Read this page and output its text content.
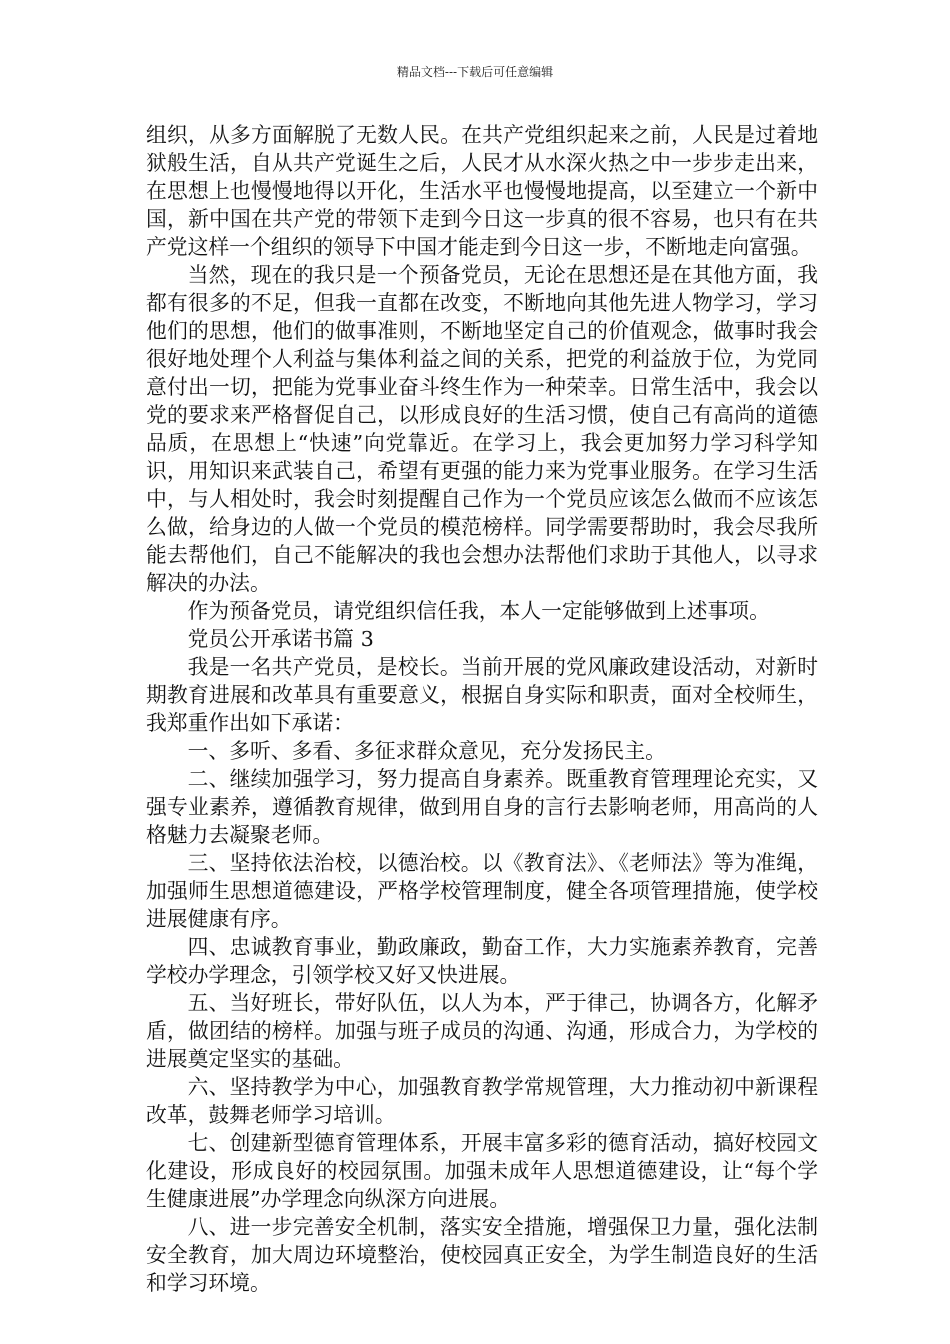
精品文档---下载后可任意编辑

组织，从多方面解脱了无数人民。在共产党组织起来之前，人民是过着地狱般生活，自从共产党诞生之后，人民才从水深火热之中一步步走出来，在思想上也慢慢地得以开化，生活水平也慢慢地提高，以至建立一个新中国，新中国在共产党的带领下走到今日这一步真的很不容易，也只有在共产党这样一个组织的领导下中国才能走到今日这一步，不断地走向富强。

当然，现在的我只是一个预备党员，无论在思想还是在其他方面，我都有很多的不足，但我一直都在改变，不断地向其他先进人物学习，学习他们的思想，他们的做事准则，不断地坚定自己的价值观念，做事时我会很好地处理个人利益与集体利益之间的关系，把党的利益放于位，为党同意付出一切，把能为党事业奋斗终生作为一种荣幸。日常生活中，我会以党的要求来严格督促自己，以形成良好的生活习惯，使自己有高尚的道德品质，在思想上“快速”向党靠近。在学习上，我会更加努力学习科学知识，用知识来武装自己，希望有更强的能力来为党事业服务。在学习生活中，与人相处时，我会时刻提醒自己作为一个党员应该怎么做而不应该怎么做，给身边的人做一个党员的模范榜样。同学需要帮助时，我会尽我所能去帮他们，自己不能解决的我也会想办法帮他们求助于其他人，以寻求解决的办法。

作为预备党员，请党组织信任我，本人一定能够做到上述事项。

党员公开承诺书篇 3

我是一名共产党员，是校长。当前开展的党风廉政建设活动，对新时期教育进展和改革具有重要意义，根据自身实际和职责，面对全校师生，我郑重作出如下承诺：

一、多听、多看、多征求群众意见，充分发扬民主。

二、继续加强学习，努力提高自身素养。既重教育管理理论充实，又强专业素养，遵循教育规律，做到用自身的言行去影响老师，用高尚的人格魅力去凝聚老师。

三、坚持依法治校，以德治校。以《教育法》、《老师法》等为准绳，加强师生思想道德建设，严格学校管理制度，健全各项管理措施，使学校进展健康有序。

四、忠诚教育事业，勤政廉政，勤奋工作，大力实施素养教育，完善学校办学理念，引领学校又好又快进展。

五、当好班长，带好队伍，以人为本，严于律己，协调各方，化解矛盾，做团结的榜样。加强与班子成员的沟通、沟通，形成合力，为学校的进展奠定坚实的基础。

六、坚持教学为中心，加强教育教学常规管理，大力推动初中新课程改革，鼓舞老师学习培训。

七、创建新型德育管理体系，开展丰富多彩的德育活动，搞好校园文化建设，形成良好的校园氛围。加强未成年人思想道德建设，让“每个学生健康进展”办学理念向纵深方向进展。

八、进一步完善安全机制，落实安全措施，增强保卫力量，强化法制安全教育，加大周边环境整治，使校园真正安全，为学生制造良好的生活和学习环境。
